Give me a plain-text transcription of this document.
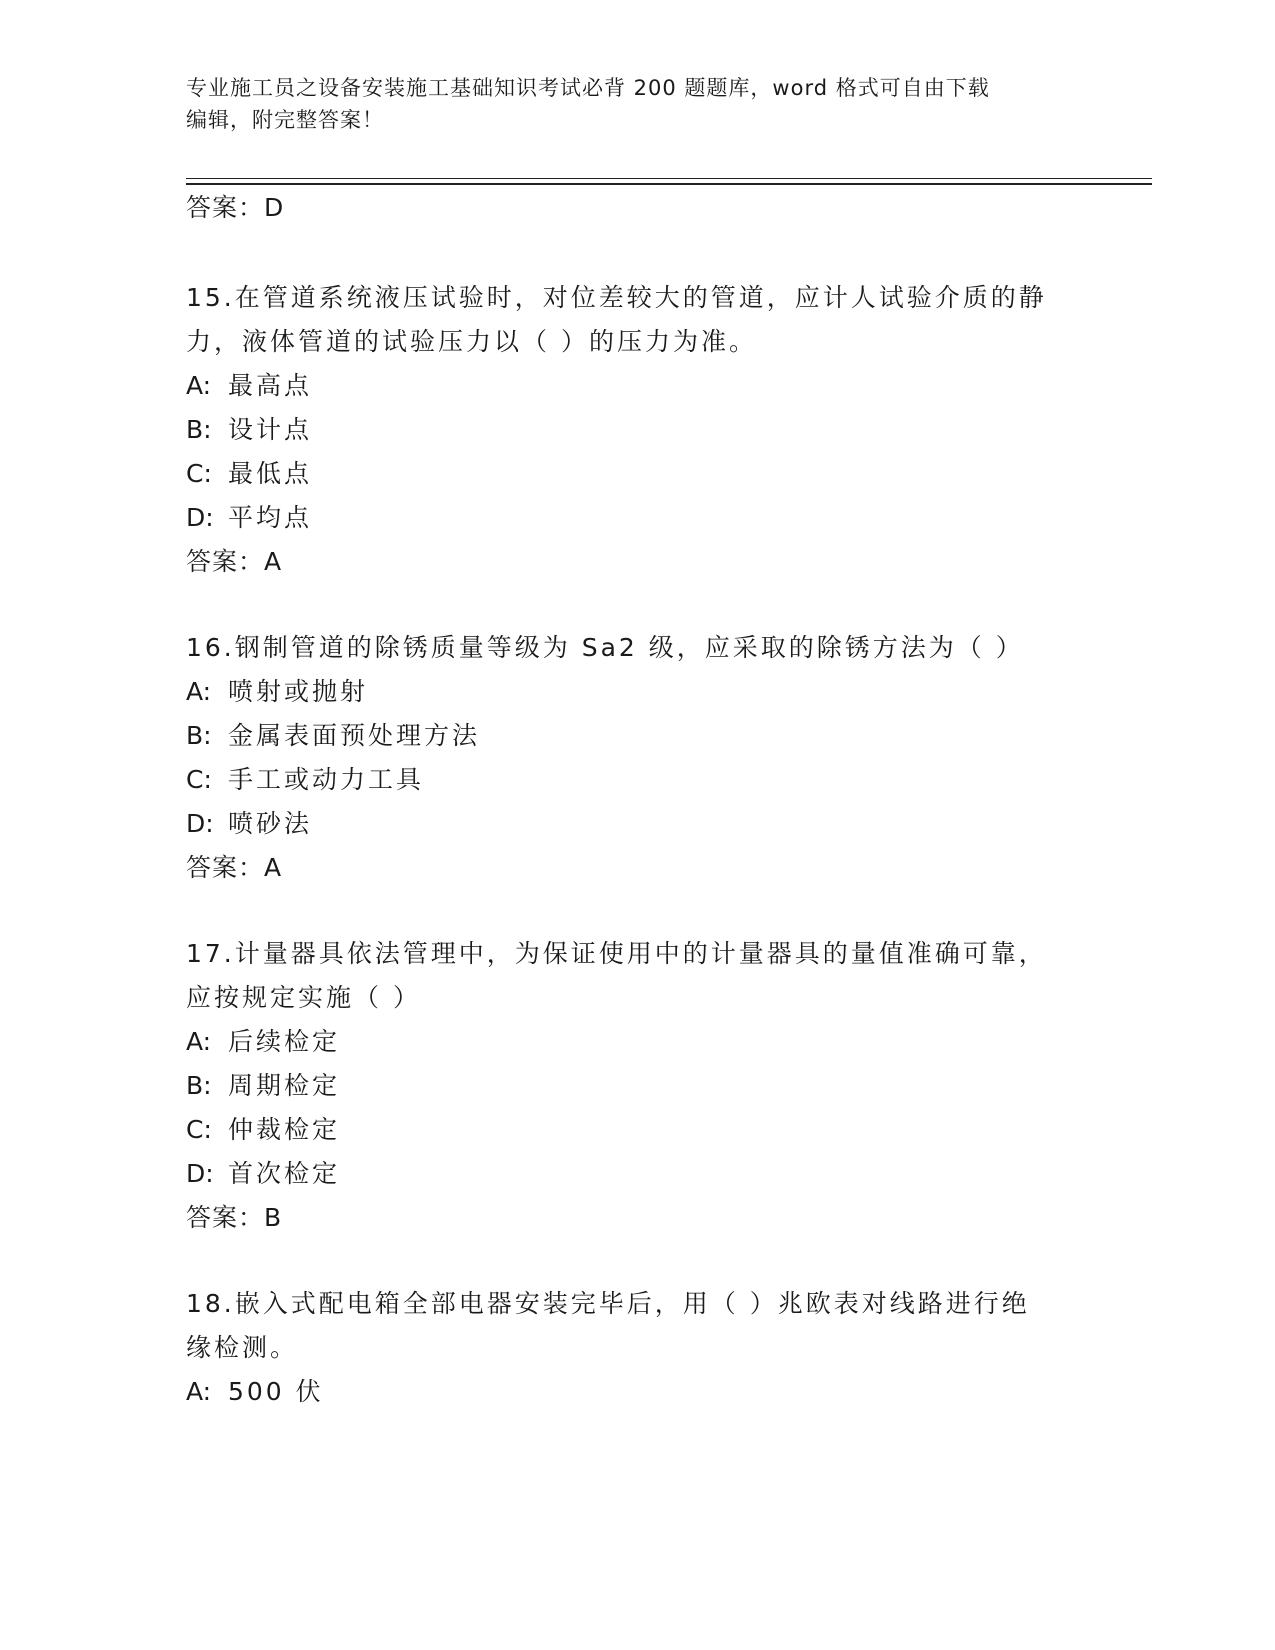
专业施工员之设备安装施工基础知识考试必背 200 题题库，word 格式可自由下载
编辑，附完整答案！
答案：D
15.在管道系统液压试验时，对位差较大的管道，应计人试验介质的静
力，液体管道的试验压力以（ ）的压力为准。
A: 最高点
B: 设计点
C: 最低点
D: 平均点
答案：A
16.钢制管道的除锈质量等级为 Sa2 级，应采取的除锈方法为（ ）
A: 喷射或抛射
B: 金属表面预处理方法
C: 手工或动力工具
D: 喷砂法
答案：A
17.计量器具依法管理中，为保证使用中的计量器具的量值准确可靠，
应按规定实施（ ）
A: 后续检定
B: 周期检定
C: 仲裁检定
D: 首次检定
答案：B
18.嵌入式配电箱全部电器安装完毕后，用（ ）兆欧表对线路进行绝
缘检测。
A: 500 伏
